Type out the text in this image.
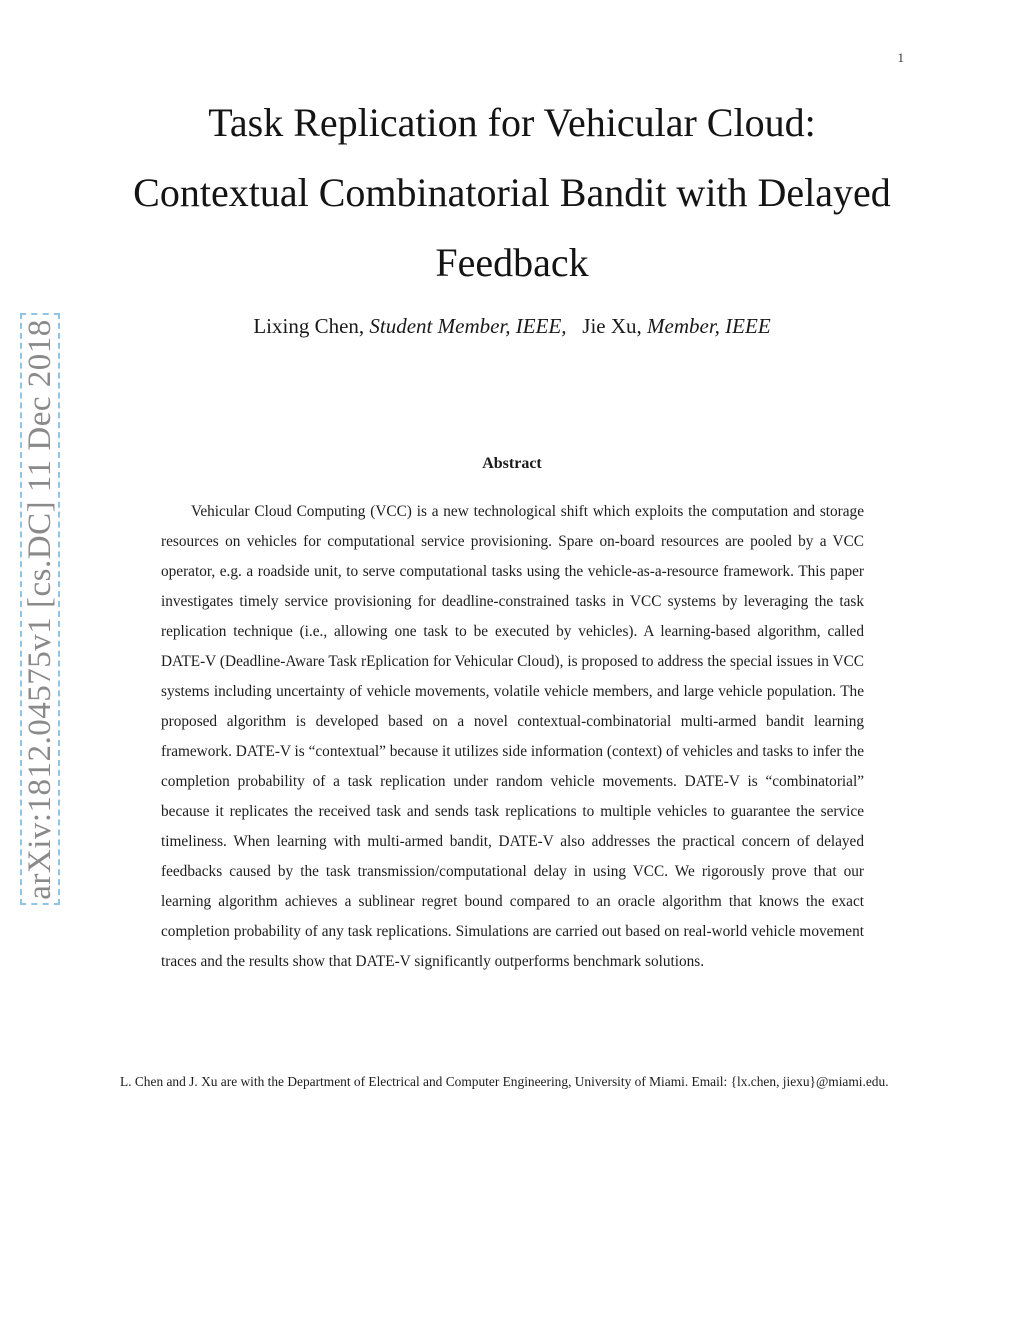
1
arXiv:1812.04575v1 [cs.DC] 11 Dec 2018
Task Replication for Vehicular Cloud:
Contextual Combinatorial Bandit with Delayed
Feedback
Lixing Chen, Student Member, IEEE, Jie Xu, Member, IEEE
Abstract

Vehicular Cloud Computing (VCC) is a new technological shift which exploits the computation and storage resources on vehicles for computational service provisioning. Spare on-board resources are pooled by a VCC operator, e.g. a roadside unit, to serve computational tasks using the vehicle-as-a-resource framework. This paper investigates timely service provisioning for deadline-constrained tasks in VCC systems by leveraging the task replication technique (i.e., allowing one task to be executed by vehicles). A learning-based algorithm, called DATE-V (Deadline-Aware Task rEplication for Vehicular Cloud), is proposed to address the special issues in VCC systems including uncertainty of vehicle movements, volatile vehicle members, and large vehicle population. The proposed algorithm is developed based on a novel contextual-combinatorial multi-armed bandit learning framework. DATE-V is “contextual” because it utilizes side information (context) of vehicles and tasks to infer the completion probability of a task replication under random vehicle movements. DATE-V is “combinatorial” because it replicates the received task and sends task replications to multiple vehicles to guarantee the service timeliness. When learning with multi-armed bandit, DATE-V also addresses the practical concern of delayed feedbacks caused by the task transmission/computational delay in using VCC. We rigorously prove that our learning algorithm achieves a sublinear regret bound compared to an oracle algorithm that knows the exact completion probability of any task replications. Simulations are carried out based on real-world vehicle movement traces and the results show that DATE-V significantly outperforms benchmark solutions.

L. Chen and J. Xu are with the Department of Electrical and Computer Engineering, University of Miami. Email: {lx.chen, jiexu}@miami.edu.
